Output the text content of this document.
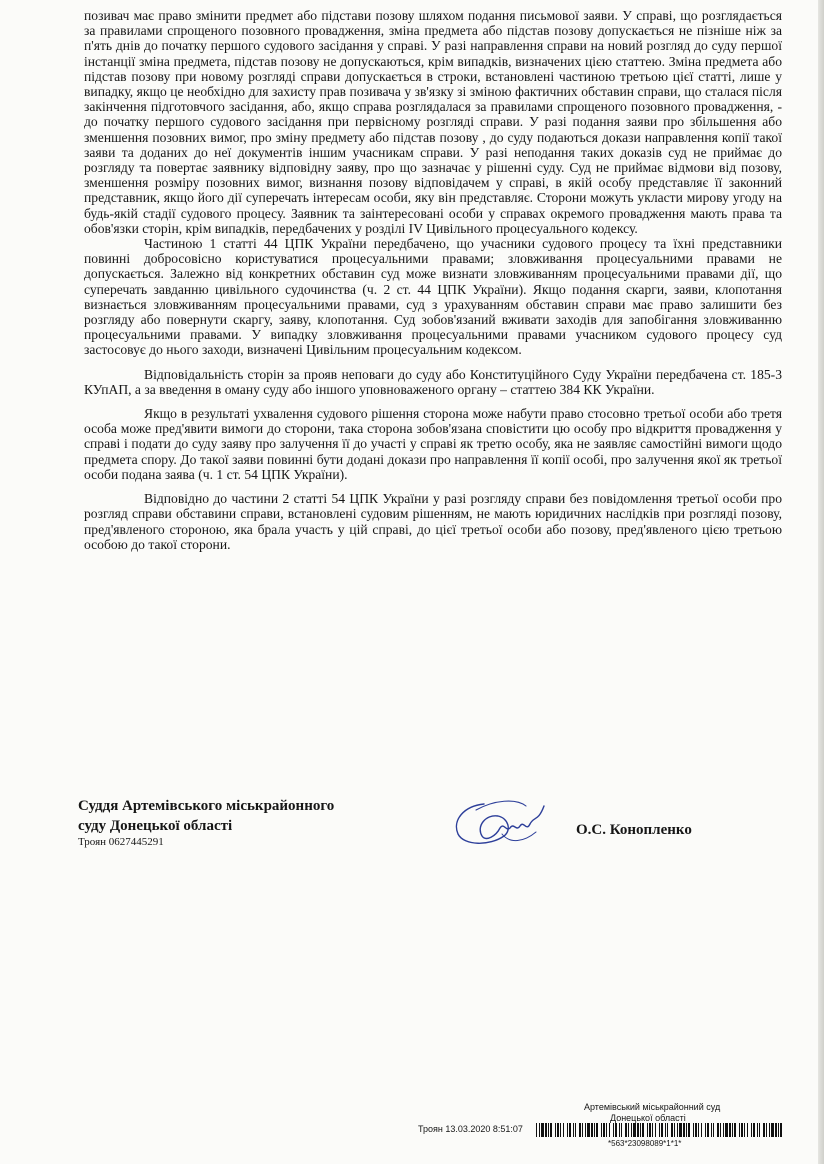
позивач має право змінити предмет або підстави позову шляхом подання письмової заяви. У справі, що розглядається за правилами спрощеного позовного провадження, зміна предмета або підстав позову допускається не пізніше ніж за п'ять днів до початку першого судового засідання у справі. У разі направлення справи на новий розгляд до суду першої інстанції зміна предмета, підстав позову не допускаються, крім випадків, визначених цією статтею. Зміна предмета або підстав позову при новому розгляді справи допускається в строки, встановлені частиною третьою цієї статті, лише у випадку, якщо це необхідно для захисту прав позивача у зв'язку зі зміною фактичних обставин справи, що сталася після закінчення підготовчого засідання, або, якщо справа розглядалася за правилами спрощеного позовного провадження, - до початку першого судового засідання при первісному розгляді справи. У разі подання заяви про збільшення або зменшення позовних вимог, про зміну предмету або підстав позову , до суду подаються докази направлення копії такої заяви та доданих до неї документів іншим учасникам справи. У разі неподання таких доказів суд не приймає до розгляду та повертає заявнику відповідну заяву, про що зазначає у рішенні суду. Суд не приймає відмови від позову, зменшення розміру позовних вимог, визнання позову відповідачем у справі, в якій особу представляє її законний представник, якщо його дії суперечать інтересам особи, яку він представляє. Сторони можуть укласти мирову угоду на будь-якій стадії судового процесу. Заявник та заінтересовані особи у справах окремого провадження мають права та обов'язки сторін, крім випадків, передбачених у розділі IV Цивільного процесуального кодексу.

Частиною 1 статті 44 ЦПК України передбачено, що учасники судового процесу та їхні представники повинні добросовісно користуватися процесуальними правами; зловживання процесуальними правами не допускається. Залежно від конкретних обставин суд може визнати зловживанням процесуальними правами дії, що суперечать завданню цивільного судочинства (ч. 2 ст. 44 ЦПК України). Якщо подання скарги, заяви, клопотання визнається зловживанням процесуальними правами, суд з урахуванням обставин справи має право залишити без розгляду або повернути скаргу, заяву, клопотання. Суд зобов'язаний вживати заходів для запобігання зловживанню процесуальними правами. У випадку зловживання процесуальними правами учасником судового процесу суд застосовує до нього заходи, визначені Цивільним процесуальним кодексом.

Відповідальність сторін за прояв неповаги до суду або Конституційного Суду України передбачена ст. 185-3 КУпАП, а за введення в оману суду або іншого уповноваженого органу – статтею 384 КК України.

Якщо в результаті ухвалення судового рішення сторона може набути право стосовно третьої особи або третя особа може пред'явити вимоги до сторони, така сторона зобов'язана сповістити цю особу про відкриття провадження у справі і подати до суду заяву про залучення її до участі у справі як третю особу, яка не заявляє самостійні вимоги щодо предмета спору. До такої заяви повинні бути додані докази про направлення її копії особі, про залучення якої як третьої особи подана заява (ч. 1 ст. 54 ЦПК України).

Відповідно до частини 2 статті 54 ЦПК України у разі розгляду справи без повідомлення третьої особи про розгляд справи обставини справи, встановлені судовим рішенням, не мають юридичних наслідків при розгляді позову, пред'явленого стороною, яка брала участь у цій справі, до цієї третьої особи або позову, пред'явленого цією третьою особою до такої сторони.

Суддя Артемівського міськрайонного
суду Донецької області
Троян 0627445291
О.С. Конопленко
Артемівський міськрайонний суд
Донецької області
Троян 13.03.2020 8:51:07
*563*23098089*1*1*
